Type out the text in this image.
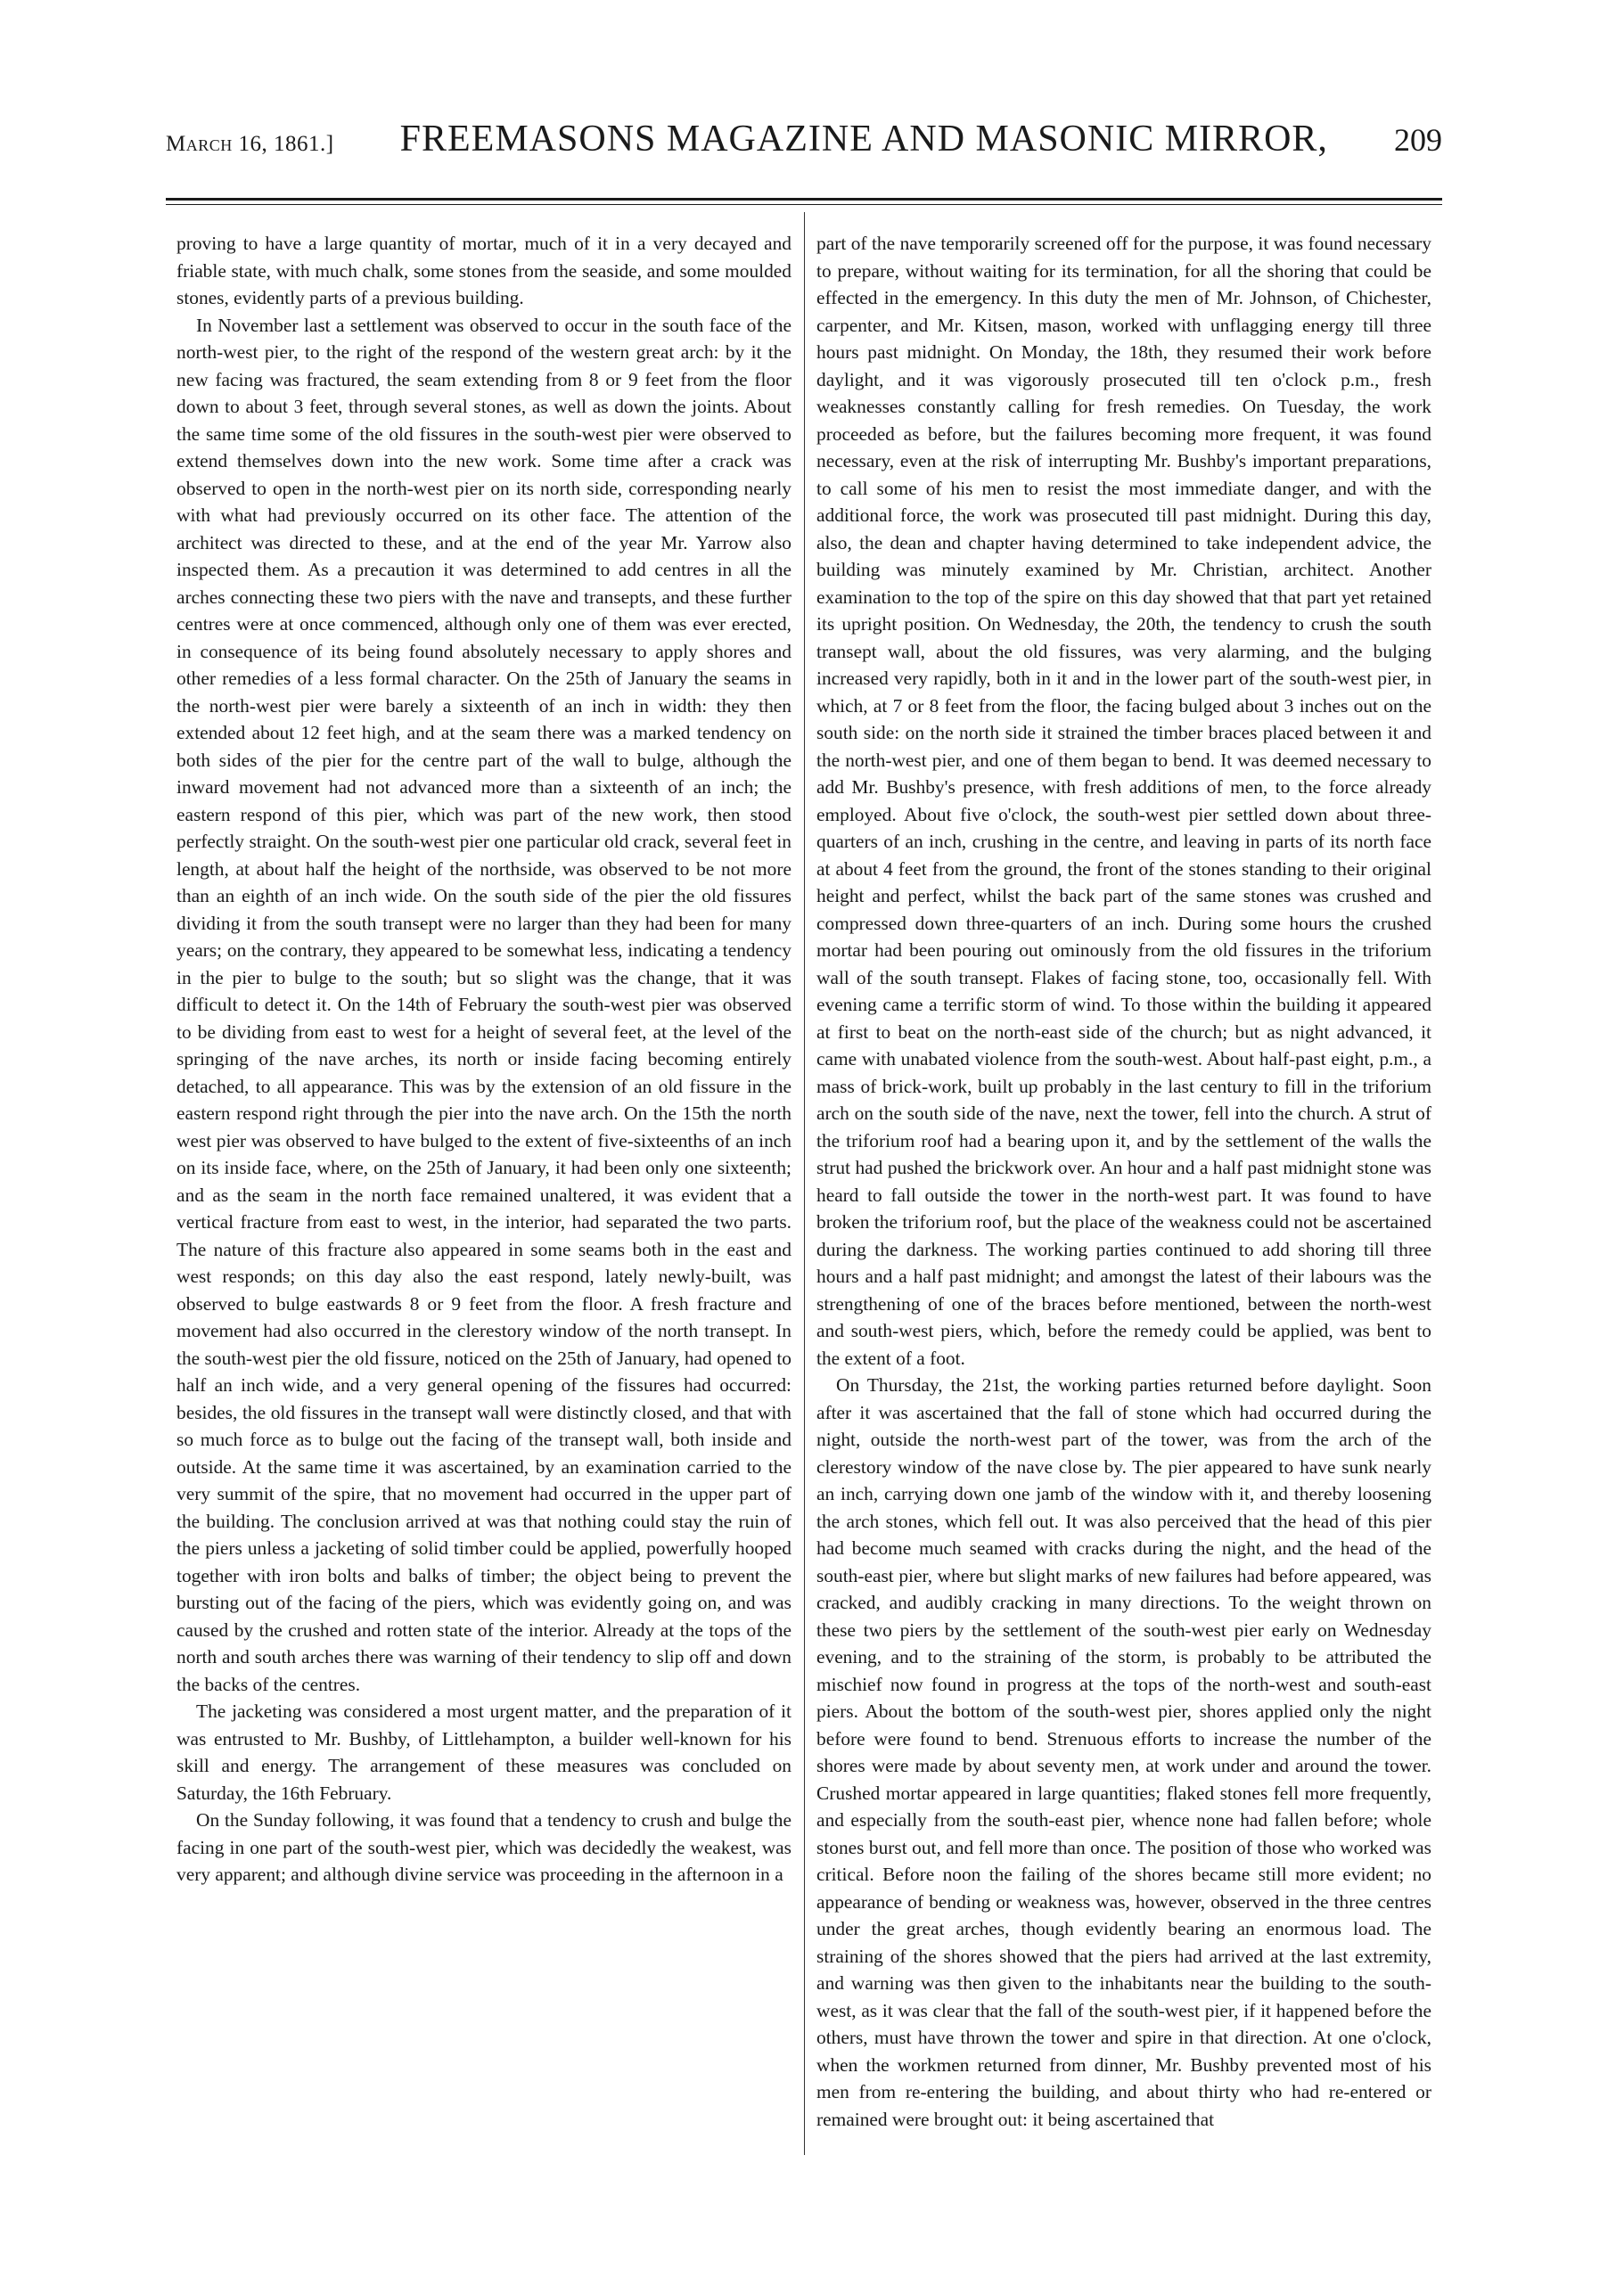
March 16, 1861.] FREEMASONS MAGAZINE AND MASONIC MIRROR, 209

proving to have a large quantity of mortar, much of it in a very decayed and friable state, with much chalk, some stones from the seaside, and some moulded stones, evidently parts of a previous building.

In November last a settlement was observed to occur in the south face of the north-west pier, to the right of the respond of the western great arch: by it the new facing was fractured, the seam extending from 8 or 9 feet from the floor down to about 3 feet, through several stones, as well as down the joints. About the same time some of the old fissures in the south-west pier were observed to extend themselves down into the new work. Some time after a crack was observed to open in the north-west pier on its north side, corresponding nearly with what had previously occurred on its other face. The attention of the architect was directed to these, and at the end of the year Mr. Yarrow also inspected them. As a precaution it was determined to add centres in all the arches connecting these two piers with the nave and transepts, and these further centres were at once commenced, although only one of them was ever erected, in consequence of its being found absolutely necessary to apply shores and other remedies of a less formal character. On the 25th of January the seams in the north-west pier were barely a sixteenth of an inch in width: they then extended about 12 feet high, and at the seam there was a marked tendency on both sides of the pier for the centre part of the wall to bulge, although the inward movement had not advanced more than a sixteenth of an inch; the eastern respond of this pier, which was part of the new work, then stood perfectly straight. On the south-west pier one particular old crack, several feet in length, at about half the height of the northside, was observed to be not more than an eighth of an inch wide. On the south side of the pier the old fissures dividing it from the south transept were no larger than they had been for many years; on the contrary, they appeared to be somewhat less, indicating a tendency in the pier to bulge to the south; but so slight was the change, that it was difficult to detect it. On the 14th of February the south-west pier was observed to be dividing from east to west for a height of several feet, at the level of the springing of the nave arches, its north or inside facing becoming entirely detached, to all appearance. This was by the extension of an old fissure in the eastern respond right through the pier into the nave arch. On the 15th the north west pier was observed to have bulged to the extent of five-sixteenths of an inch on its inside face, where, on the 25th of January, it had been only one sixteenth; and as the seam in the north face remained unaltered, it was evident that a vertical fracture from east to west, in the interior, had separated the two parts. The nature of this fracture also appeared in some seams both in the east and west responds; on this day also the east respond, lately newly-built, was observed to bulge eastwards 8 or 9 feet from the floor. A fresh fracture and movement had also occurred in the clerestory window of the north transept. In the south-west pier the old fissure, noticed on the 25th of January, had opened to half an inch wide, and a very general opening of the fissures had occurred: besides, the old fissures in the transept wall were distinctly closed, and that with so much force as to bulge out the facing of the transept wall, both inside and outside. At the same time it was ascertained, by an examination carried to the very summit of the spire, that no movement had occurred in the upper part of the building. The conclusion arrived at was that nothing could stay the ruin of the piers unless a jacketing of solid timber could be applied, powerfully hooped together with iron bolts and balks of timber; the object being to prevent the bursting out of the facing of the piers, which was evidently going on, and was caused by the crushed and rotten state of the interior. Already at the tops of the north and south arches there was warning of their tendency to slip off and down the backs of the centres.

The jacketing was considered a most urgent matter, and the preparation of it was entrusted to Mr. Bushby, of Littlehampton, a builder well-known for his skill and energy. The arrangement of these measures was concluded on Saturday, the 16th February.

On the Sunday following, it was found that a tendency to crush and bulge the facing in one part of the south-west pier, which was decidedly the weakest, was very apparent; and although divine service was proceeding in the afternoon in a

part of the nave temporarily screened off for the purpose, it was found necessary to prepare, without waiting for its termination, for all the shoring that could be effected in the emergency. In this duty the men of Mr. Johnson, of Chichester, carpenter, and Mr. Kitsen, mason, worked with unflagging energy till three hours past midnight. On Monday, the 18th, they resumed their work before daylight, and it was vigorously prosecuted till ten o'clock p.m., fresh weaknesses constantly calling for fresh remedies. On Tuesday, the work proceeded as before, but the failures becoming more frequent, it was found necessary, even at the risk of interrupting Mr. Bushby's important preparations, to call some of his men to resist the most immediate danger, and with the additional force, the work was prosecuted till past midnight. During this day, also, the dean and chapter having determined to take independent advice, the building was minutely examined by Mr. Christian, architect. Another examination to the top of the spire on this day showed that that part yet retained its upright position. On Wednesday, the 20th, the tendency to crush the south transept wall, about the old fissures, was very alarming, and the bulging increased very rapidly, both in it and in the lower part of the south-west pier, in which, at 7 or 8 feet from the floor, the facing bulged about 3 inches out on the south side: on the north side it strained the timber braces placed between it and the north-west pier, and one of them began to bend. It was deemed necessary to add Mr. Bushby's presence, with fresh additions of men, to the force already employed. About five o'clock, the south-west pier settled down about three-quarters of an inch, crushing in the centre, and leaving in parts of its north face at about 4 feet from the ground, the front of the stones standing to their original height and perfect, whilst the back part of the same stones was crushed and compressed down three-quarters of an inch. During some hours the crushed mortar had been pouring out ominously from the old fissures in the triforium wall of the south transept. Flakes of facing stone, too, occasionally fell. With evening came a terrific storm of wind. To those within the building it appeared at first to beat on the north-east side of the church; but as night advanced, it came with unabated violence from the south-west. About half-past eight, p.m., a mass of brick-work, built up probably in the last century to fill in the triforium arch on the south side of the nave, next the tower, fell into the church. A strut of the triforium roof had a bearing upon it, and by the settlement of the walls the strut had pushed the brickwork over. An hour and a half past midnight stone was heard to fall outside the tower in the north-west part. It was found to have broken the triforium roof, but the place of the weakness could not be ascertained during the darkness. The working parties continued to add shoring till three hours and a half past midnight; and amongst the latest of their labours was the strengthening of one of the braces before mentioned, between the north-west and south-west piers, which, before the remedy could be applied, was bent to the extent of a foot.

On Thursday, the 21st, the working parties returned before daylight. Soon after it was ascertained that the fall of stone which had occurred during the night, outside the north-west part of the tower, was from the arch of the clerestory window of the nave close by. The pier appeared to have sunk nearly an inch, carrying down one jamb of the window with it, and thereby loosening the arch stones, which fell out. It was also perceived that the head of this pier had become much seamed with cracks during the night, and the head of the south-east pier, where but slight marks of new failures had before appeared, was cracked, and audibly cracking in many directions. To the weight thrown on these two piers by the settlement of the south-west pier early on Wednesday evening, and to the straining of the storm, is probably to be attributed the mischief now found in progress at the tops of the north-west and south-east piers. About the bottom of the south-west pier, shores applied only the night before were found to bend. Strenuous efforts to increase the number of the shores were made by about seventy men, at work under and around the tower. Crushed mortar appeared in large quantities; flaked stones fell more frequently, and especially from the south-east pier, whence none had fallen before; whole stones burst out, and fell more than once. The position of those who worked was critical. Before noon the failing of the shores became still more evident; no appearance of bending or weakness was, however, observed in the three centres under the great arches, though evidently bearing an enormous load. The straining of the shores showed that the piers had arrived at the last extremity, and warning was then given to the inhabitants near the building to the south-west, as it was clear that the fall of the south-west pier, if it happened before the others, must have thrown the tower and spire in that direction. At one o'clock, when the workmen returned from dinner, Mr. Bushby prevented most of his men from re-entering the building, and about thirty who had re-entered or remained were brought out: it being ascertained that
